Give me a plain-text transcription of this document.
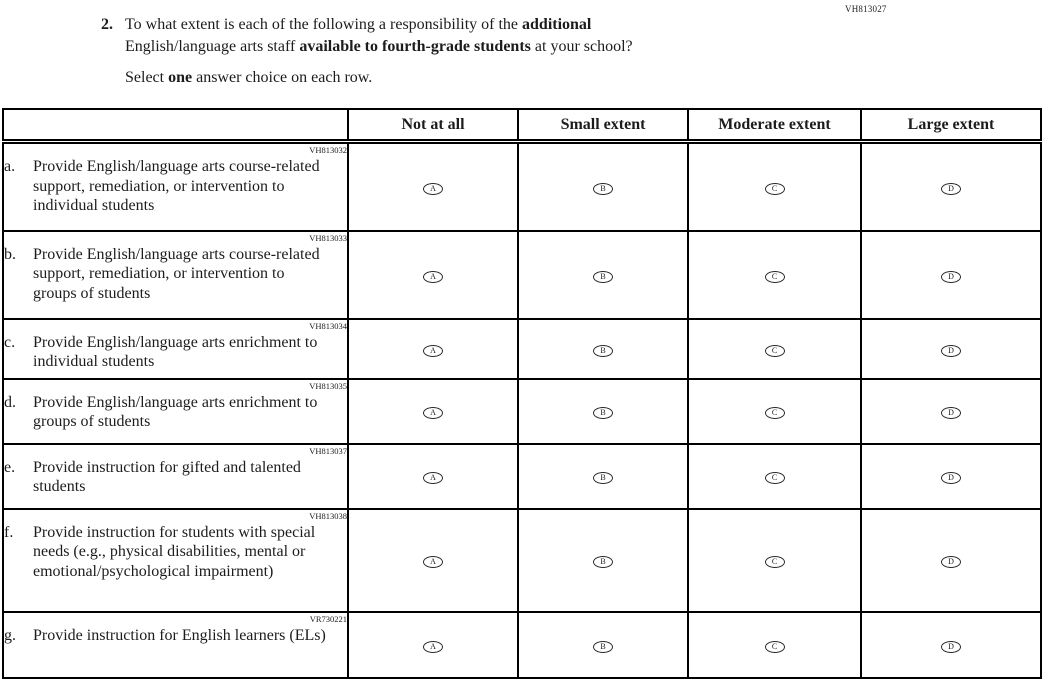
VH813027
2. To what extent is each of the following a responsibility of the additional
English/language arts staff available to fourth-grade students at your school?
Select one answer choice on each row.
	Not at all	Small extent	Moderate extent	Large extent

VH813032
a. Provide English/language arts course-related support, remediation, or intervention to individual students	A	B	C	D

VH813033
b. Provide English/language arts course-related support, remediation, or intervention to groups of students	A	B	C	D

VH813034
c. Provide English/language arts enrichment to individual students	A	B	C	D

VH813035
d. Provide English/language arts enrichment to groups of students	A	B	C	D

VH813037
e. Provide instruction for gifted and talented students	A	B	C	D

VH813038
f. Provide instruction for students with special needs (e.g., physical disabilities, mental or emotional/psychological impairment)	A	B	C	D

VR730221
g. Provide instruction for English learners (ELs)	A	B	C	D
